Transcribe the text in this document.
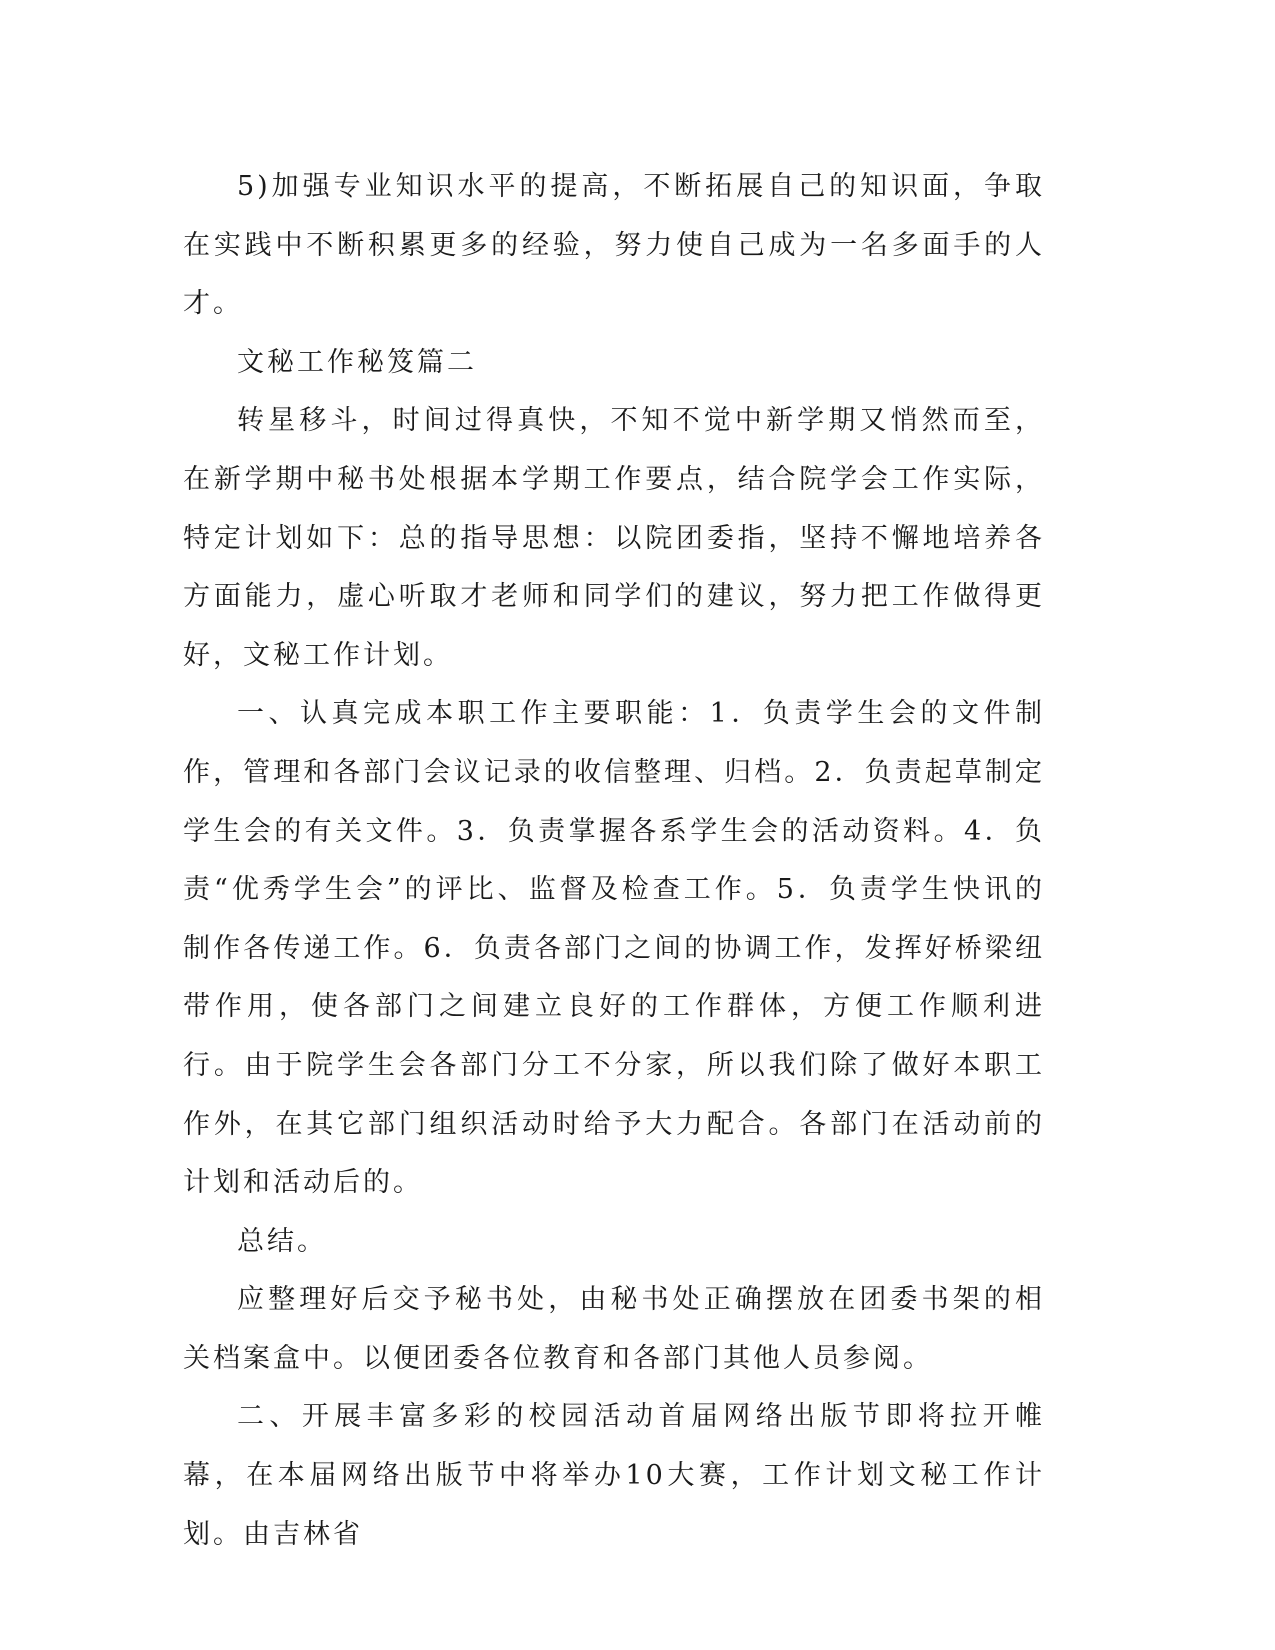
5)加强专业知识水平的提高，不断拓展自己的知识面，争取在实践中不断积累更多的经验，努力使自己成为一名多面手的人才。

文秘工作秘笈篇二

转星移斗，时间过得真快，不知不觉中新学期又悄然而至，在新学期中秘书处根据本学期工作要点，结合院学会工作实际，特定计划如下：总的指导思想：以院团委指，坚持不懈地培养各方面能力，虚心听取才老师和同学们的建议，努力把工作做得更好，文秘工作计划。

一、认真完成本职工作主要职能：1．负责学生会的文件制作，管理和各部门会议记录的收信整理、归档。2．负责起草制定学生会的有关文件。3．负责掌握各系学生会的活动资料。4．负责“优秀学生会”的评比、监督及检查工作。5．负责学生快讯的制作各传递工作。6．负责各部门之间的协调工作，发挥好桥梁纽带作用，使各部门之间建立良好的工作群体，方便工作顺利进行。由于院学生会各部门分工不分家，所以我们除了做好本职工作外，在其它部门组织活动时给予大力配合。各部门在活动前的计划和活动后的。

总结。

应整理好后交予秘书处，由秘书处正确摆放在团委书架的相关档案盒中。以便团委各位教育和各部门其他人员参阅。

二、开展丰富多彩的校园活动首届网络出版节即将拉开帷幕，在本届网络出版节中将举办10大赛，工作计划文秘工作计划。由吉林省
